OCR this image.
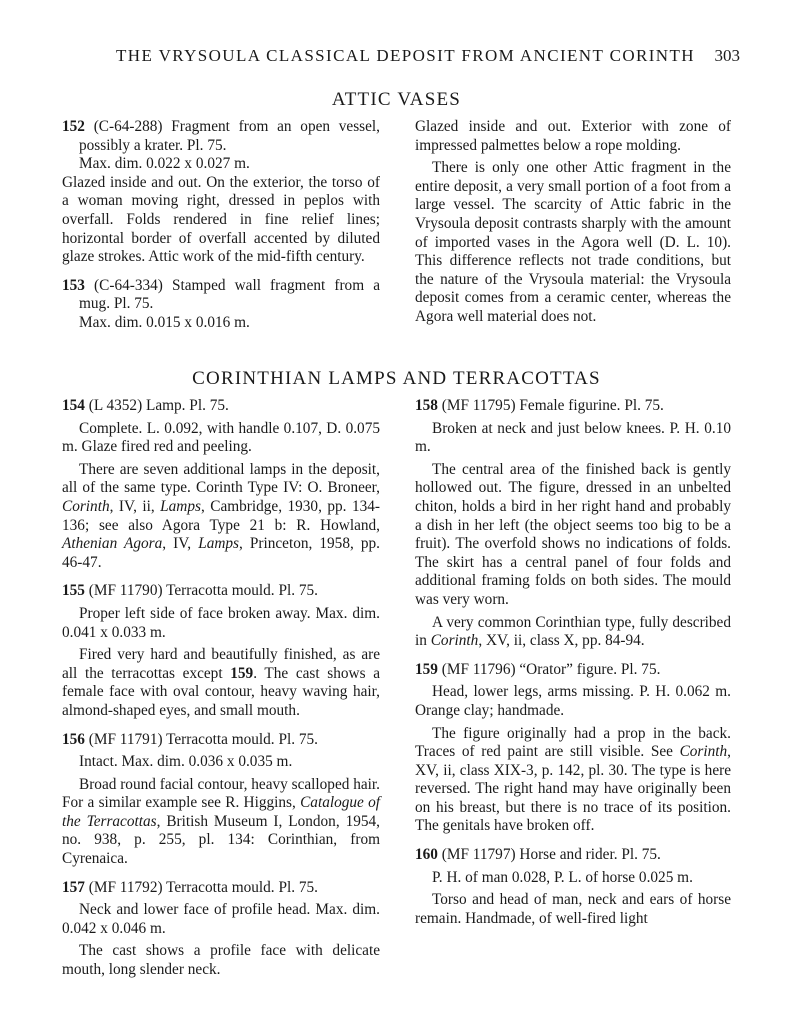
THE VRYSOULA CLASSICAL DEPOSIT FROM ANCIENT CORINTH 303
ATTIC VASES

152 (C-64-288) Fragment from an open vessel, possibly a krater. Pl. 75.

Max. dim. 0.022 x 0.027 m.

Glazed inside and out. On the exterior, the torso of a woman moving right, dressed in peplos with overfall. Folds rendered in fine relief lines; horizontal border of overfall accented by diluted glaze strokes. Attic work of the mid-fifth century.

153 (C-64-334) Stamped wall fragment from a mug. Pl. 75.

Max. dim. 0.015 x 0.016 m.

Glazed inside and out. Exterior with zone of impressed palmettes below a rope molding.

There is only one other Attic fragment in the entire deposit, a very small portion of a foot from a large vessel. The scarcity of Attic fabric in the Vrysoula deposit contrasts sharply with the amount of imported vases in the Agora well (D. L. 10). This difference reflects not trade conditions, but the nature of the Vrysoula material: the Vrysoula deposit comes from a ceramic center, whereas the Agora well material does not.

CORINTHIAN LAMPS AND TERRACOTTAS

154 (L 4352) Lamp. Pl. 75.

Complete. L. 0.092, with handle 0.107, D. 0.075 m. Glaze fired red and peeling.

There are seven additional lamps in the deposit, all of the same type. Corinth Type IV: O. Broneer, Corinth, IV, ii, Lamps, Cambridge, 1930, pp. 134-136; see also Agora Type 21 b: R. Howland, Athenian Agora, IV, Lamps, Princeton, 1958, pp. 46-47.

155 (MF 11790) Terracotta mould. Pl. 75.

Proper left side of face broken away. Max. dim. 0.041 x 0.033 m.

Fired very hard and beautifully finished, as are all the terracottas except 159. The cast shows a female face with oval contour, heavy waving hair, almond-shaped eyes, and small mouth.

156 (MF 11791) Terracotta mould. Pl. 75.

Intact. Max. dim. 0.036 x 0.035 m.

Broad round facial contour, heavy scalloped hair. For a similar example see R. Higgins, Catalogue of the Terracottas, British Museum I, London, 1954, no. 938, p. 255, pl. 134: Corinthian, from Cyrenaica.

157 (MF 11792) Terracotta mould. Pl. 75.

Neck and lower face of profile head. Max. dim. 0.042 x 0.046 m.

The cast shows a profile face with delicate mouth, long slender neck.

158 (MF 11795) Female figurine. Pl. 75.

Broken at neck and just below knees. P. H. 0.10 m.

The central area of the finished back is gently hollowed out. The figure, dressed in an unbelted chiton, holds a bird in her right hand and probably a dish in her left (the object seems too big to be a fruit). The overfold shows no indications of folds. The skirt has a central panel of four folds and additional framing folds on both sides. The mould was very worn.

A very common Corinthian type, fully described in Corinth, XV, ii, class X, pp. 84-94.

159 (MF 11796) “Orator” figure. Pl. 75.

Head, lower legs, arms missing. P. H. 0.062 m. Orange clay; handmade.

The figure originally had a prop in the back. Traces of red paint are still visible. See Corinth, XV, ii, class XIX-3, p. 142, pl. 30. The type is here reversed. The right hand may have originally been on his breast, but there is no trace of its position. The genitals have broken off.

160 (MF 11797) Horse and rider. Pl. 75.

P. H. of man 0.028, P. L. of horse 0.025 m.

Torso and head of man, neck and ears of horse remain. Handmade, of well-fired light
